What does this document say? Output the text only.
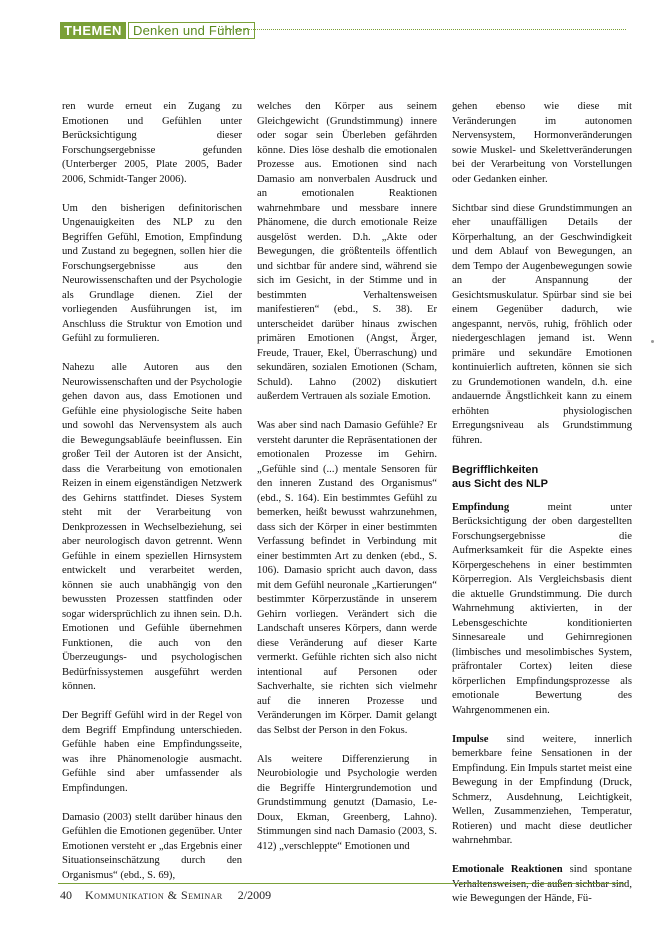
THEMEN Denken und Fühlen

ren wurde erneut ein Zugang zu Emotionen und Gefühlen unter Berücksichtigung dieser Forschungsergebnisse gefunden (Unterberger 2005, Plate 2005, Bader 2006, Schmidt-Tanger 2006).

Um den bisherigen definitorischen Ungenauigkeiten des NLP zu den Begriffen Gefühl, Emotion, Empfindung und Zustand zu begegnen, sollen hier die Forschungsergebnisse aus den Neurowissenschaften und der Psychologie als Grundlage dienen. Ziel der vorliegenden Ausführungen ist, im Anschluss die Struktur von Emotion und Gefühl zu formulieren.

Nahezu alle Autoren aus den Neurowissenschaften und der Psychologie gehen davon aus, dass Emotionen und Gefühle eine physiologische Seite haben und sowohl das Nervensystem als auch die Bewegungsabläufe beeinflussen. Ein großer Teil der Autoren ist der Ansicht, dass die Verarbeitung von emotionalen Reizen in einem eigenständigen Netzwerk des Gehirns stattfindet. Dieses System steht mit der Verarbeitung von Denkprozessen in Wechselbeziehung, sei aber neurologisch davon getrennt. Wenn Gefühle in einem speziellen Hirnsystem entwickelt und verarbeitet werden, können sie auch unabhängig von den bewussten Prozessen stattfinden oder sogar widersprüchlich zu ihnen sein. D.h. Emotionen und Gefühle übernehmen Funktionen, die auch von den Überzeugungs- und psychologischen Bedürfnissystemen ausgeführt werden können.

Der Begriff Gefühl wird in der Regel von dem Begriff Empfindung unterschieden. Gefühle haben eine Empfindungsseite, was ihre Phänomenologie ausmacht. Gefühle sind aber umfassender als Empfindungen.

Damasio (2003) stellt darüber hinaus den Gefühlen die Emotionen gegenüber. Unter Emotionen versteht er „das Ergebnis einer Situationseinschätzung durch den Organismus“ (ebd., S. 69),

welches den Körper aus seinem Gleichgewicht (Grundstimmung) innere oder sogar sein Überleben gefährden könne. Dies löse deshalb die emotionalen Prozesse aus. Emotionen sind nach Damasio am nonverbalen Ausdruck und an emotionalen Reaktionen wahrnehmbare und messbare innere Phänomene, die durch emotionale Reize ausgelöst werden. D.h. „Akte oder Bewegungen, die größtenteils öffentlich und sichtbar für andere sind, während sie sich im Gesicht, in der Stimme und in bestimmten Verhaltensweisen manifestieren“ (ebd., S. 38). Er unterscheidet darüber hinaus zwischen primären Emotionen (Angst, Ärger, Freude, Trauer, Ekel, Überraschung) und sekundären, sozialen Emotionen (Scham, Schuld). Lahno (2002) diskutiert außerdem Vertrauen als soziale Emotion.

Was aber sind nach Damasio Gefühle? Er versteht darunter die Repräsentationen der emotionalen Prozesse im Gehirn. „Gefühle sind (...) mentale Sensoren für den inneren Zustand des Organismus“ (ebd., S. 164). Ein bestimmtes Gefühl zu bemerken, heißt bewusst wahrzunehmen, dass sich der Körper in einer bestimmten Verfassung befindet in Verbindung mit einer bestimmten Art zu denken (ebd., S. 106). Damasio spricht auch davon, dass mit dem Gefühl neuronale „Kartierungen“ bestimmter Körperzustände in unserem Gehirn vorliegen. Verändert sich die Landschaft unseres Körpers, dann werde diese Veränderung auf dieser Karte vermerkt. Gefühle richten sich also nicht intentional auf Personen oder Sachverhalte, sie richten sich vielmehr auf die inneren Prozesse und Veränderungen im Körper. Damit gelangt das Selbst der Person in den Fokus.

Als weitere Differenzierung in Neurobiologie und Psychologie werden die Begriffe Hintergrundemotion und Grundstimmung genutzt (Damasio, Le-Doux, Ekman, Greenberg, Lahno). Stimmungen sind nach Damasio (2003, S. 412) „verschleppte“ Emotionen und

gehen ebenso wie diese mit Veränderungen im autonomen Nervensystem, Hormonveränderungen sowie Muskel- und Skelettveränderungen bei der Verarbeitung von Vorstellungen oder Gedanken einher.

Sichtbar sind diese Grundstimmungen an eher unauffälligen Details der Körperhaltung, an der Geschwindigkeit und dem Ablauf von Bewegungen, an dem Tempo der Augenbewegungen sowie an der Anspannung der Gesichtsmuskulatur. Spürbar sind sie bei einem Gegenüber dadurch, wie angespannt, nervös, ruhig, fröhlich oder niedergeschlagen jemand ist. Wenn primäre und sekundäre Emotionen kontinuierlich auftreten, können sie sich zu Grundemotionen wandeln, d.h. eine andauernde Ängstlichkeit kann zu einem erhöhten physiologischen Erregungsniveau als Grundstimmung führen.

Begrifflichkeiten
aus Sicht des NLP

Empfindung meint unter Berücksichtigung der oben dargestellten Forschungsergebnisse die Aufmerksamkeit für die Aspekte eines Körpergeschehens in einer bestimmten Körperregion. Als Vergleichsbasis dient die aktuelle Grundstimmung. Die durch Wahrnehmung aktivierten, in der Lebensgeschichte konditionierten Sinnesareale und Gehirnregionen (limbisches und mesolimbisches System, präfrontaler Cortex) leiten diese körperlichen Empfindungsprozesse als emotionale Bewertung des Wahrgenommenen ein.

Impulse sind weitere, innerlich bemerkbare feine Sensationen in der Empfindung. Ein Impuls startet meist eine Bewegung in der Empfindung (Druck, Schmerz, Ausdehnung, Leichtigkeit, Wellen, Zusammenziehen, Temperatur, Rotieren) und macht diese deutlicher wahrnehmbar.

Emotionale Reaktionen sind spontane Verhaltensweisen, die außen sichtbar sind, wie Bewegungen der Hände, Fü-

40 Kommunikation & Seminar 2/2009
